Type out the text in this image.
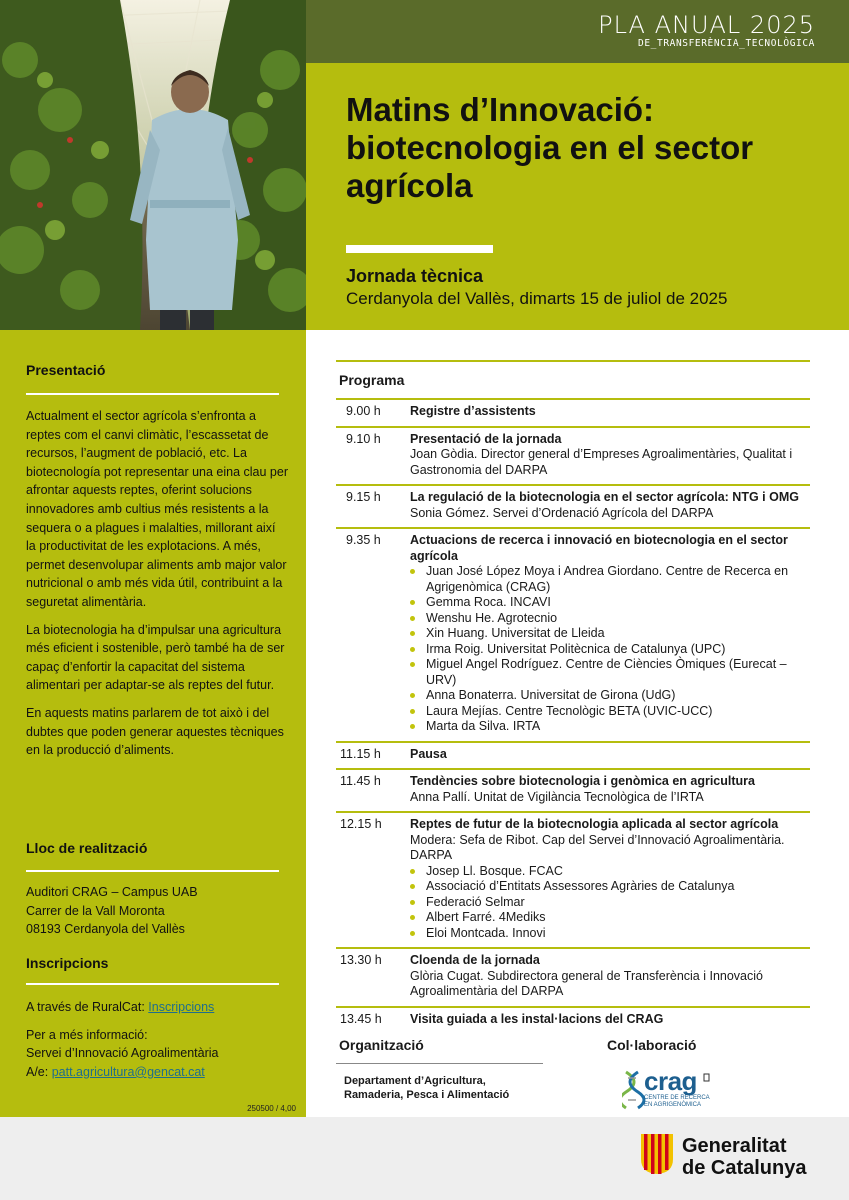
PLA ANUAL 2025
DE_TRANSFERÈNCIA_TECNOLÒGICA
Matins d’Innovació: biotecnologia en el sector agrícola
Jornada tècnica
Cerdanyola del Vallès, dimarts 15 de juliol de 2025
Presentació

Actualment el sector agrícola s’enfronta a reptes com el canvi climàtic, l’escassetat de recursos, l’augment de població, etc. La biotecnología pot representar una eina clau per afrontar aquests reptes, oferint solucions innovadores amb cultius més resistents a la sequera o a plagues i malalties, millorant així la productivitat de les explotacions. A més, permet desenvolupar aliments amb major valor nutricional o amb més vida útil, contribuint a la seguretat alimentària.

La biotecnologia ha d’impulsar una agricultura més eficient i sostenible, però també ha de ser capaç d’enfortir la capacitat del sistema alimentari per adaptar-se als reptes del futur.

En aquests matins parlarem de tot això i del dubtes que poden generar aquestes tècniques en la producció d’aliments.

Lloc de realització
Auditori CRAG – Campus UAB
Carrer de la Vall Moronta
08193 Cerdanyola del Vallès
Inscripcions

A través de RuralCat: Inscripcions

Per a més informació:
Servei d’Innovació Agroalimentària
A/e: patt.agricultura@gencat.cat
250500 / 4,00
Programa
9.00 h	Registre d’assistents
9.10 h	Presentació de la jornada
Joan Gòdia. Director general d’Empreses Agroalimentàries, Qualitat i Gastronomia del DARPA
9.15 h	La regulació de la biotecnologia en el sector agrícola: NTG i OMG
Sonia Gómez. Servei d’Ordenació Agrícola del DARPA
9.35 h	Actuacions de recerca i innovació en biotecnologia en el sector agrícola
Juan José López Moya i Andrea Giordano. Centre de Recerca en Agrigenòmica (CRAG)
Gemma Roca. INCAVI
Wenshu He. Agrotecnio
Xin Huang. Universitat de Lleida
Irma Roig. Universitat Politècnica de Catalunya (UPC)
Miguel Angel Rodríguez. Centre de Ciències Òmiques (Eurecat – URV)
Anna Bonaterra. Universitat de Girona (UdG)
Laura Mejías. Centre Tecnològic BETA (UVIC-UCC)
Marta da Silva. IRTA
11.15 h	Pausa
11.45 h	Tendències sobre biotecnologia i genòmica en agricultura
Anna Pallí. Unitat de Vigilància Tecnològica de l’IRTA
12.15 h	Reptes de futur de la biotecnologia aplicada al sector agrícola
Modera: Sefa de Ribot. Cap del Servei d’Innovació Agroalimentària. DARPA
Josep Ll. Bosque. FCAC
Associació d’Entitats Assessores Agràries de Catalunya
Federació Selmar
Albert Farré. 4Mediks
Eloi Montcada. Innovi
13.30 h	Cloenda de la jornada
Glòria Cugat. Subdirectora general de Transferència i Innovació Agroalimentària del DARPA
13.45 h	Visita guiada a les instal·lacions del CRAG
Organització	Col·laboració
Departament d’Agricultura, Ramaderia, Pesca i Alimentació	crag
CENTRE DE RECERCA EN AGRIGENÒMICA
Generalitat
de Catalunya
